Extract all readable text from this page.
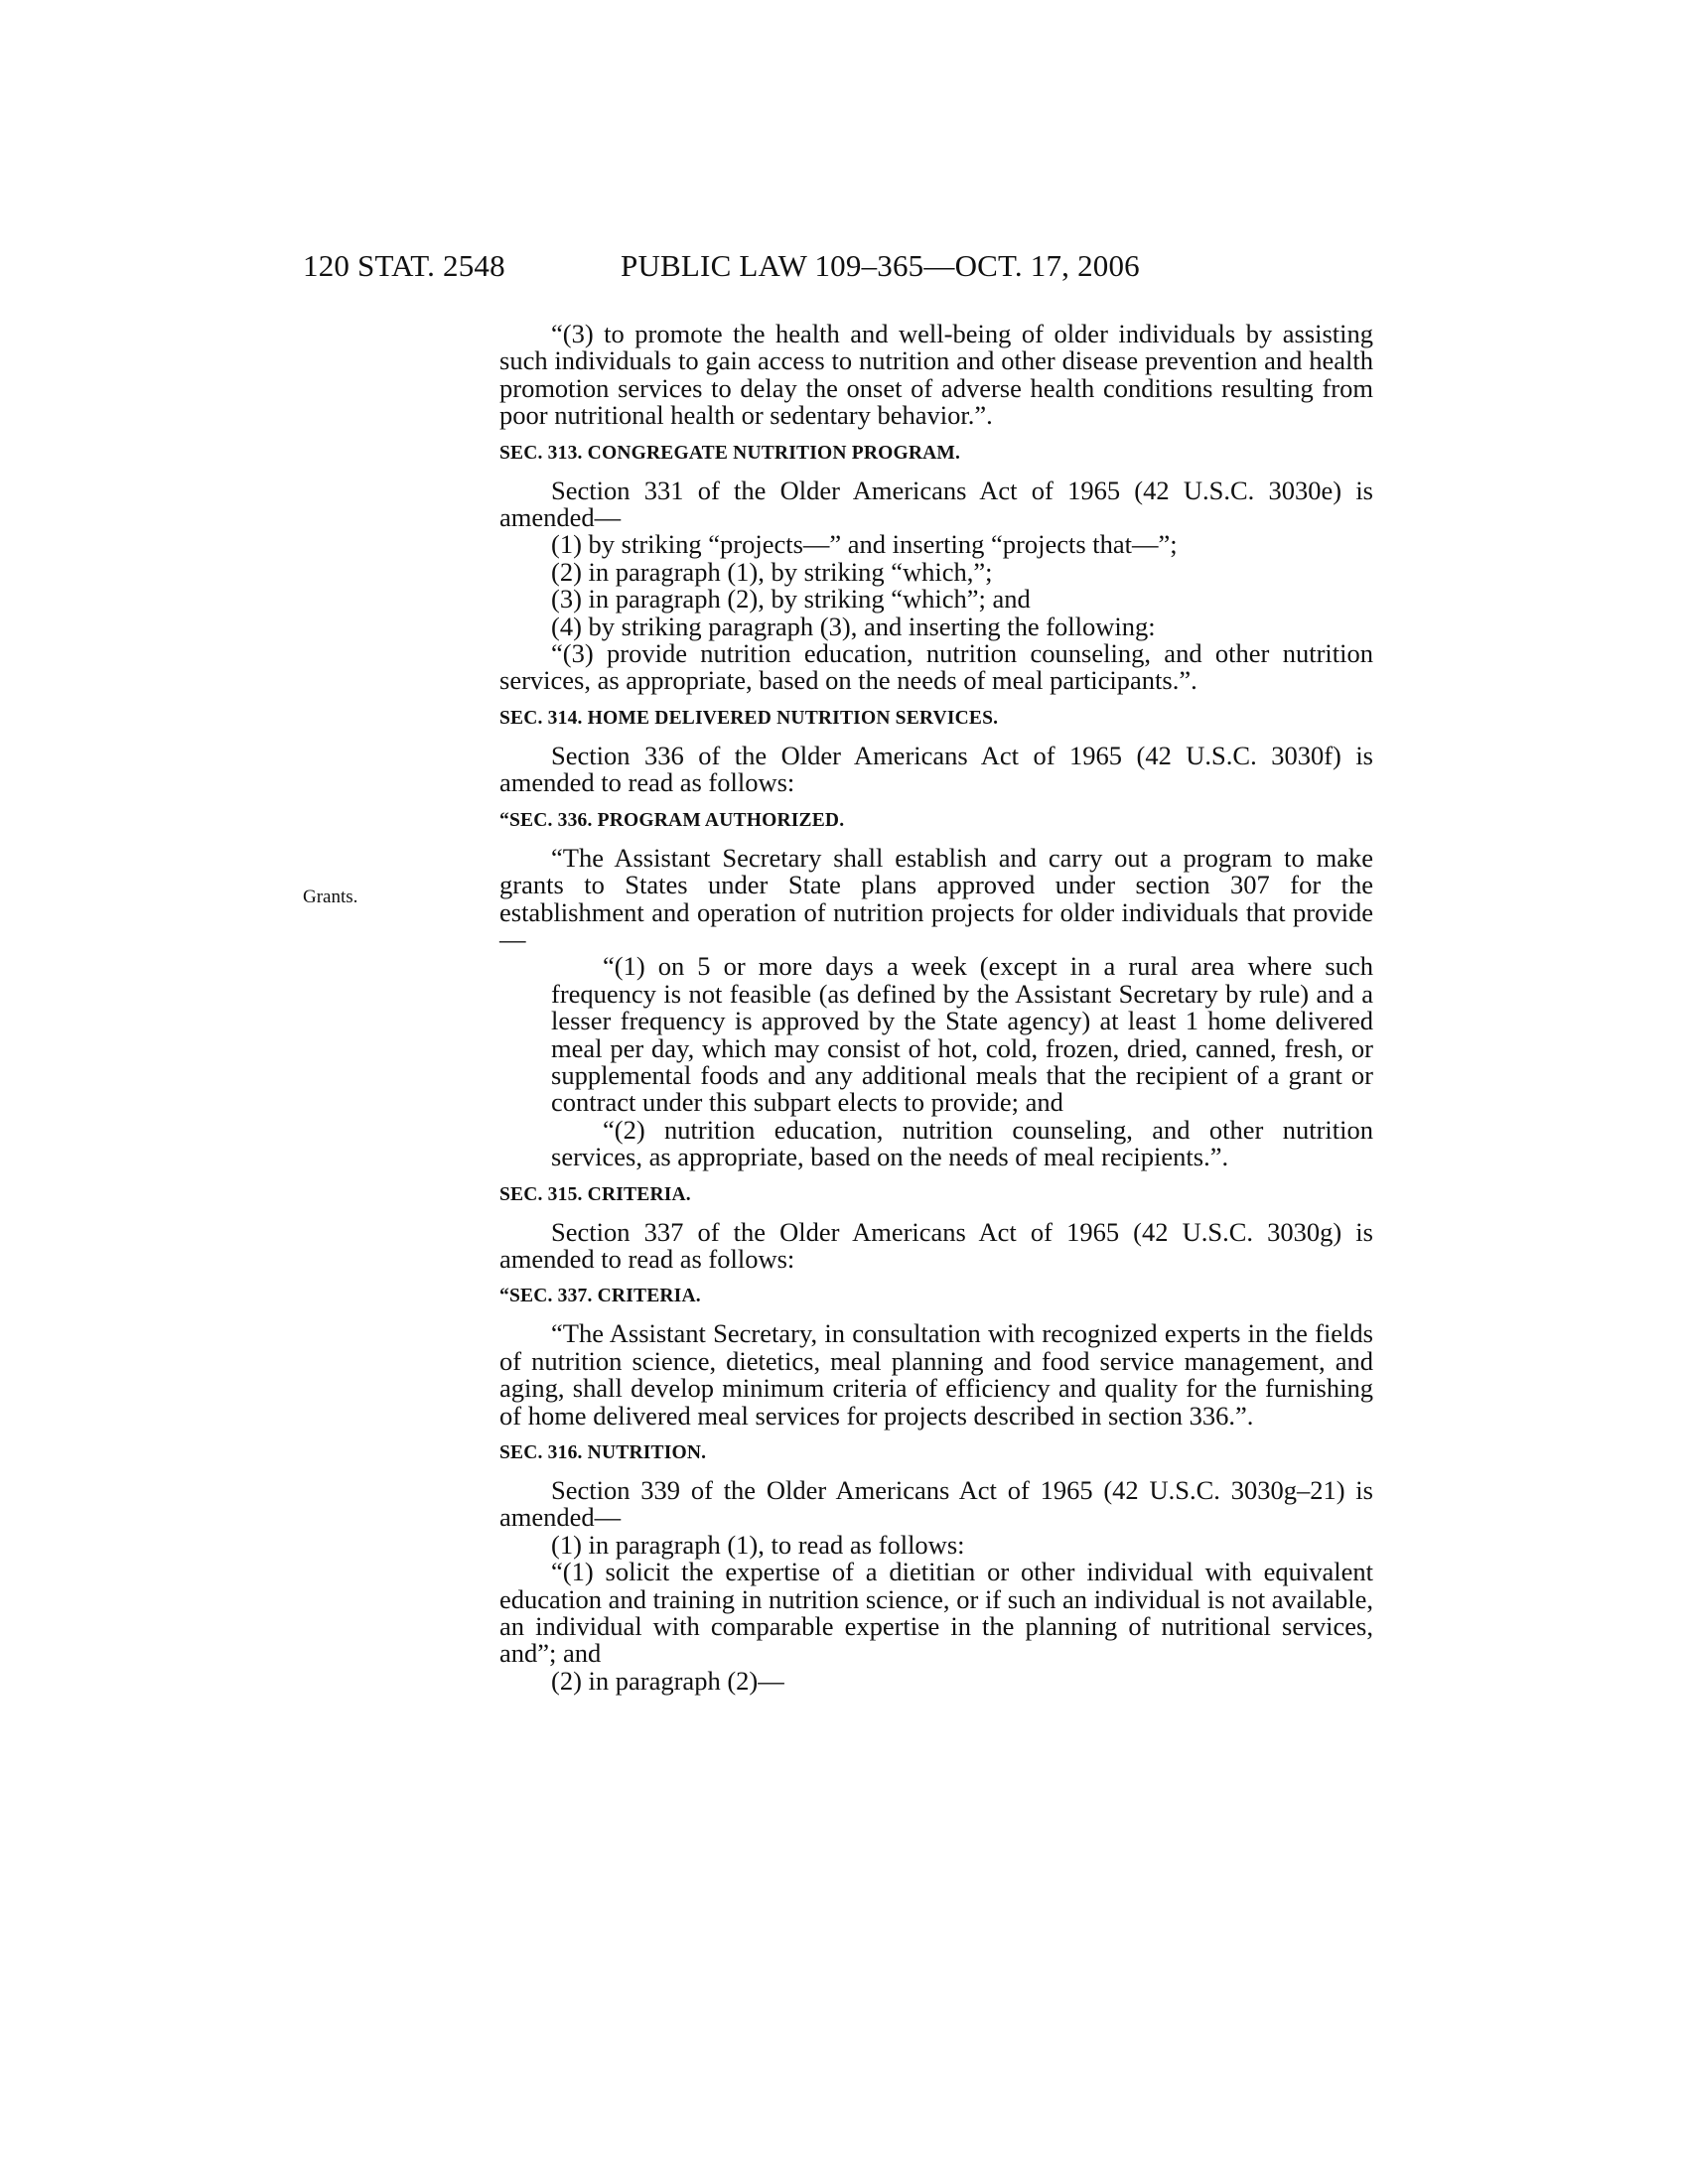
120 STAT. 2548	PUBLIC LAW 109–365—OCT. 17, 2006
Grants.

“(3) to promote the health and well-being of older individuals by assisting such individuals to gain access to nutrition and other disease prevention and health promotion services to delay the onset of adverse health conditions resulting from poor nutritional health or sedentary behavior.”.

SEC. 313. CONGREGATE NUTRITION PROGRAM.

Section 331 of the Older Americans Act of 1965 (42 U.S.C. 3030e) is amended—

(1) by striking “projects—” and inserting “projects that—”;

(2) in paragraph (1), by striking “which,”;

(3) in paragraph (2), by striking “which”; and

(4) by striking paragraph (3), and inserting the following:

“(3) provide nutrition education, nutrition counseling, and other nutrition services, as appropriate, based on the needs of meal participants.”.

SEC. 314. HOME DELIVERED NUTRITION SERVICES.

Section 336 of the Older Americans Act of 1965 (42 U.S.C. 3030f) is amended to read as follows:

“SEC. 336. PROGRAM AUTHORIZED.

“The Assistant Secretary shall establish and carry out a program to make grants to States under State plans approved under section 307 for the establishment and operation of nutrition projects for older individuals that provide—

“(1) on 5 or more days a week (except in a rural area where such frequency is not feasible (as defined by the Assistant Secretary by rule) and a lesser frequency is approved by the State agency) at least 1 home delivered meal per day, which may consist of hot, cold, frozen, dried, canned, fresh, or supplemental foods and any additional meals that the recipient of a grant or contract under this subpart elects to provide; and

“(2) nutrition education, nutrition counseling, and other nutrition services, as appropriate, based on the needs of meal recipients.”.

SEC. 315. CRITERIA.

Section 337 of the Older Americans Act of 1965 (42 U.S.C. 3030g) is amended to read as follows:

“SEC. 337. CRITERIA.

“The Assistant Secretary, in consultation with recognized experts in the fields of nutrition science, dietetics, meal planning and food service management, and aging, shall develop minimum criteria of efficiency and quality for the furnishing of home delivered meal services for projects described in section 336.”.

SEC. 316. NUTRITION.

Section 339 of the Older Americans Act of 1965 (42 U.S.C. 3030g–21) is amended—

(1) in paragraph (1), to read as follows:

“(1) solicit the expertise of a dietitian or other individual with equivalent education and training in nutrition science, or if such an individual is not available, an individual with comparable expertise in the planning of nutritional services, and”; and

(2) in paragraph (2)—
